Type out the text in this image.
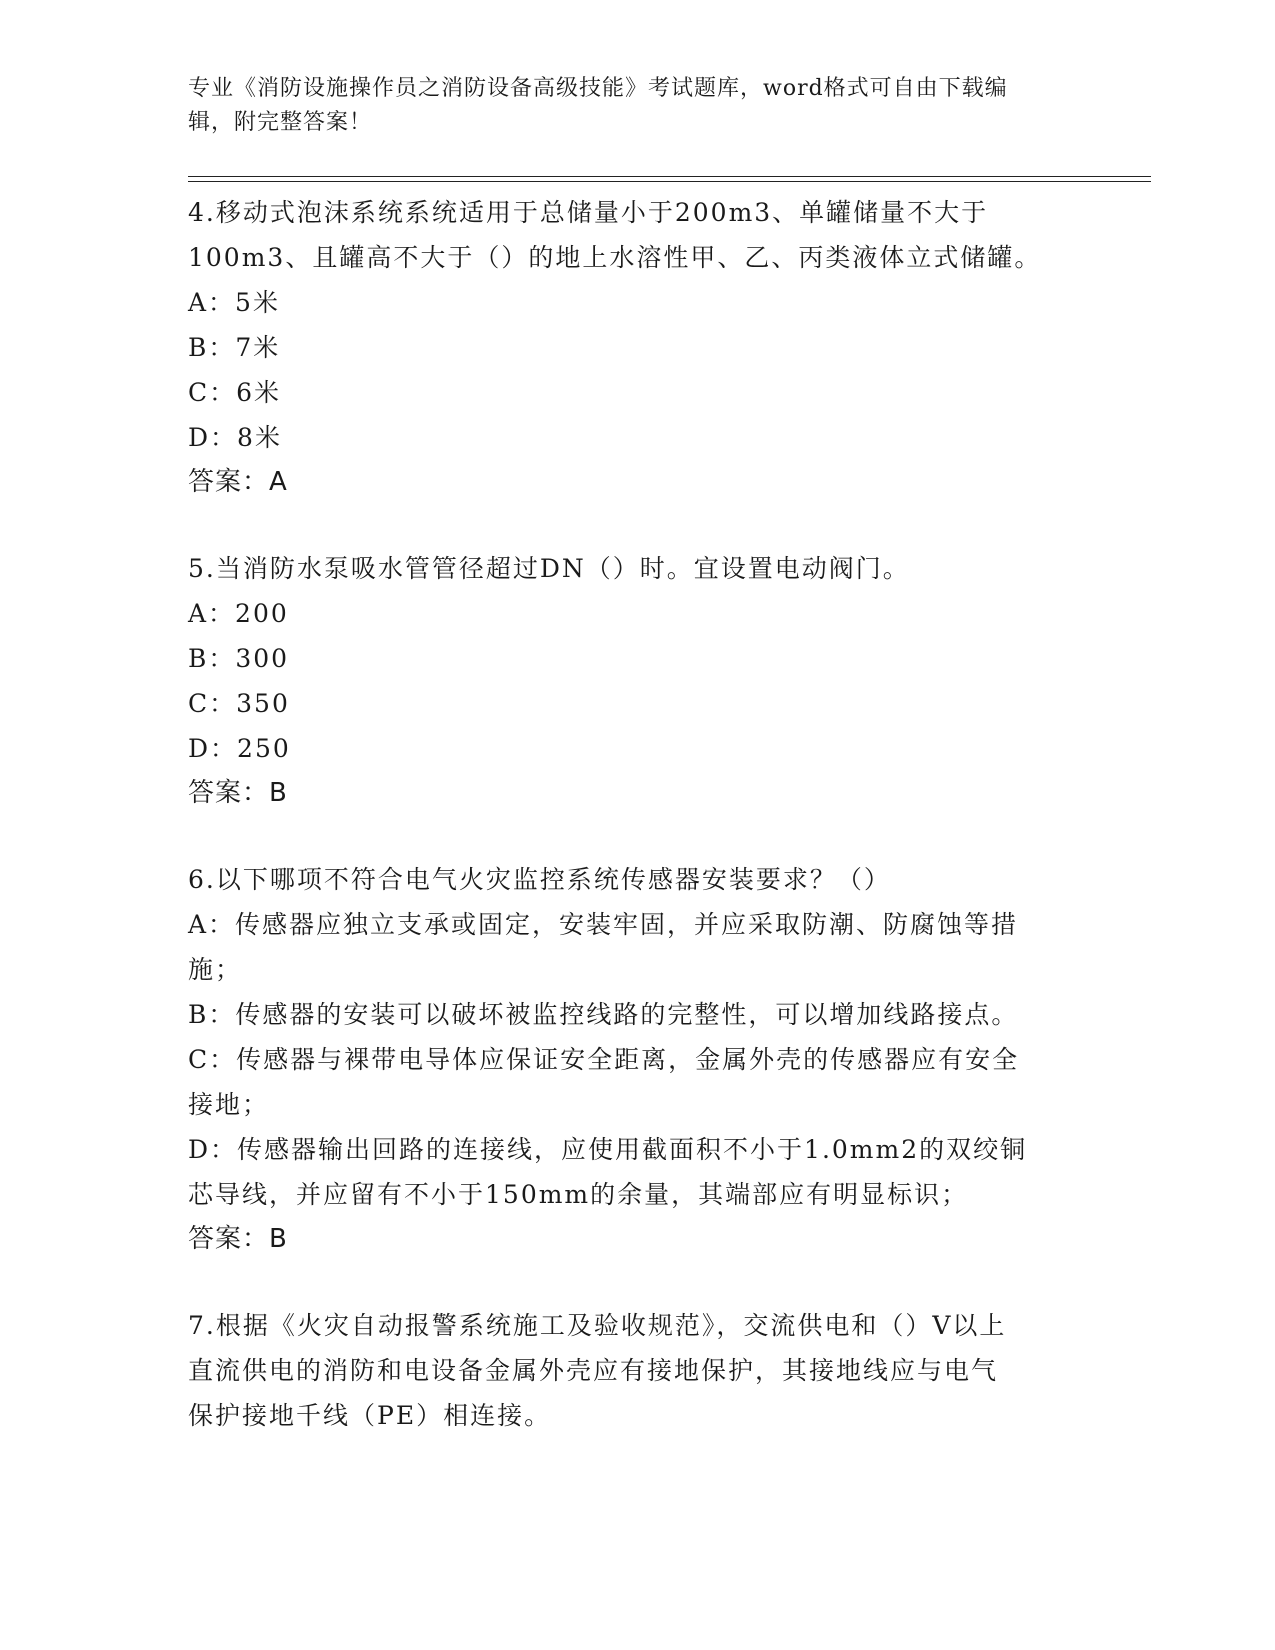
专业《消防设施操作员之消防设备高级技能》考试题库，word格式可自由下载编
辑，附完整答案！
4.移动式泡沫系统系统适用于总储量小于200m3、单罐储量不大于
100m3、且罐高不大于（）的地上水溶性甲、乙、丙类液体立式储罐。
A：5米
B：7米
C：6米
D：8米
答案：A
5.当消防水泵吸水管管径超过DN（）时。宜设置电动阀门。
A：200
B：300
C：350
D：250
答案：B
6.以下哪项不符合电气火灾监控系统传感器安装要求？（）
A：传感器应独立支承或固定，安装牢固，并应采取防潮、防腐蚀等措
施；
B：传感器的安装可以破坏被监控线路的完整性，可以增加线路接点。
C：传感器与裸带电导体应保证安全距离，金属外壳的传感器应有安全
接地；
D：传感器输出回路的连接线，应使用截面积不小于1.0mm2的双绞铜
芯导线，并应留有不小于150mm的余量，其端部应有明显标识；
答案：B
7.根据《火灾自动报警系统施工及验收规范》，交流供电和（）V以上
直流供电的消防和电设备金属外壳应有接地保护，其接地线应与电气
保护接地千线（PE）相连接。
